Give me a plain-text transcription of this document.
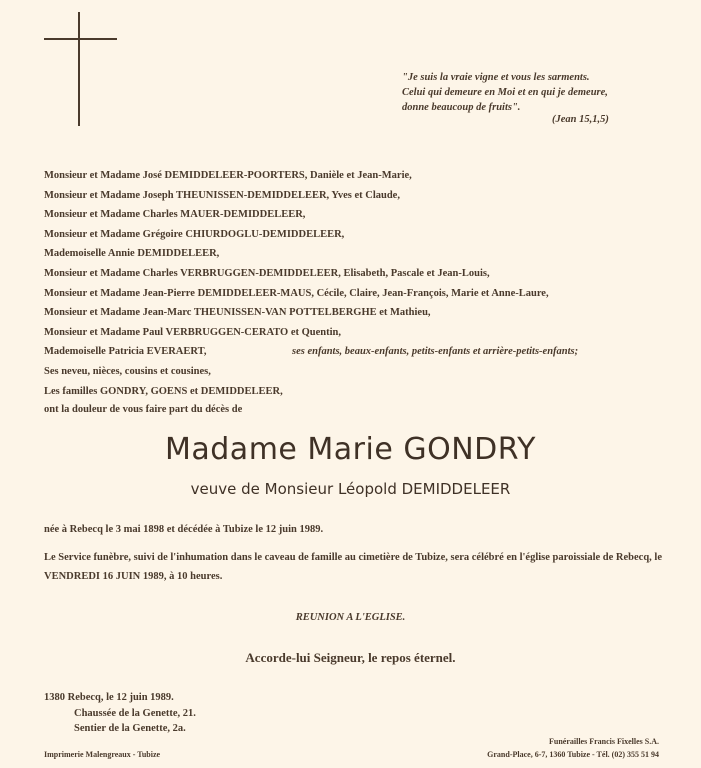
"Je suis la vraie vigne et vous les sarments.
Celui qui demeure en Moi et en qui je demeure,
donne beaucoup de fruits".
(Jean 15,1,5)
Monsieur et Madame José DEMIDDELEER-POORTERS, Danièle et Jean-Marie,
Monsieur et Madame Joseph THEUNISSEN-DEMIDDELEER, Yves et Claude,
Monsieur et Madame Charles MAUER-DEMIDDELEER,
Monsieur et Madame Grégoire CHIURDOGLU-DEMIDDELEER,
Mademoiselle Annie DEMIDDELEER,
Monsieur et Madame Charles VERBRUGGEN-DEMIDDELEER, Elisabeth, Pascale et Jean-Louis,
Monsieur et Madame Jean-Pierre DEMIDDELEER-MAUS, Cécile, Claire, Jean-François, Marie et Anne-Laure,
Monsieur et Madame Jean-Marc THEUNISSEN-VAN POTTELBERGHE et Mathieu,
Monsieur et Madame Paul VERBRUGGEN-CERATO et Quentin,
Mademoiselle Patricia EVERAERT,	ses enfants, beaux-enfants, petits-enfants et arrière-petits-enfants;
Ses neveu, nièces, cousins et cousines,
Les familles GONDRY, GOENS et DEMIDDELEER,
ont la douleur de vous faire part du décès de
Madame Marie GONDRY
veuve de Monsieur Léopold DEMIDDELEER
née à Rebecq le 3 mai 1898 et décédée à Tubize le 12 juin 1989.
Le Service funèbre, suivi de l'inhumation dans le caveau de famille au cimetière de Tubize, sera célébré en l'église paroissiale de Rebecq, le VENDREDI 16 JUIN 1989, à 10 heures.
REUNION A L'EGLISE.
Accorde-lui Seigneur, le repos éternel.
1380 Rebecq, le 12 juin 1989.
Chaussée de la Genette, 21.
Sentier de la Genette, 2a.
Imprimerie Malengreaux - Tubize
Funérailles Francis Fixelles S.A.
Grand-Place, 6-7, 1360 Tubize - Tél. (02) 355 51 94
